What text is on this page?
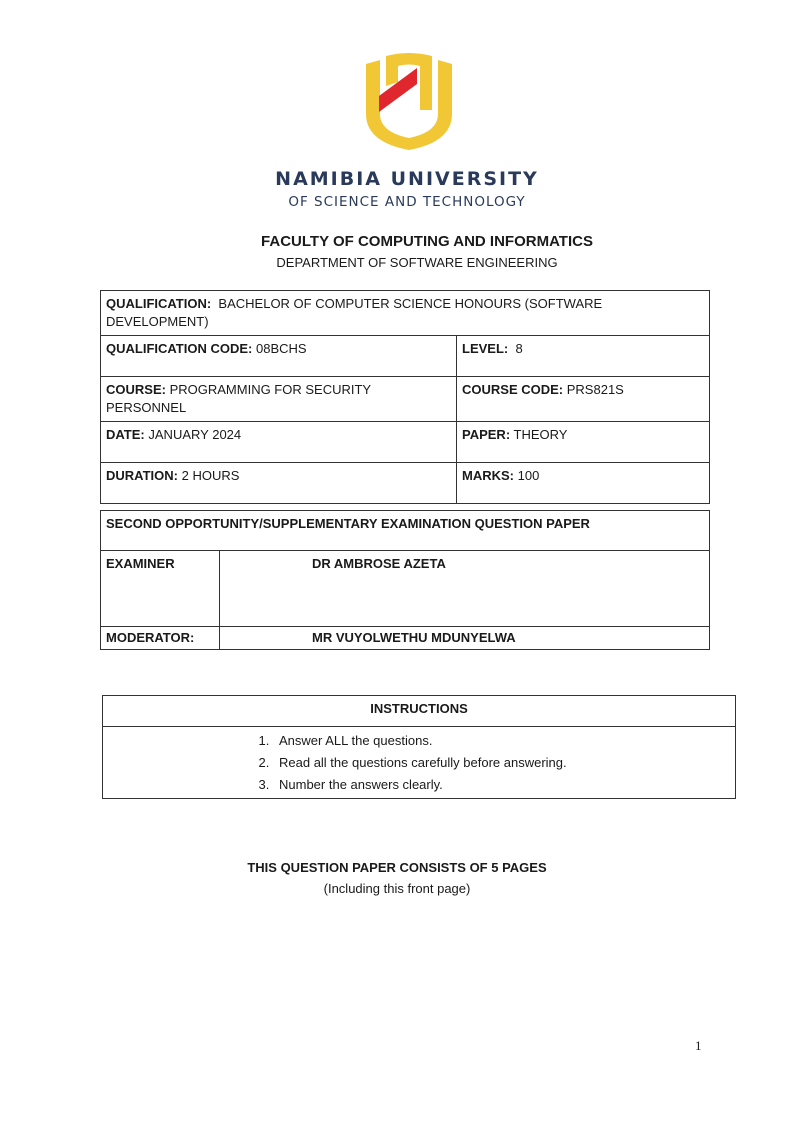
NAMIBIA UNIVERSITY
OF SCIENCE AND TECHNOLOGY
FACULTY OF COMPUTING AND INFORMATICS
DEPARTMENT OF SOFTWARE ENGINEERING
QUALIFICATION: BACHELOR OF COMPUTER SCIENCE HONOURS (SOFTWARE DEVELOPMENT)	
QUALIFICATION CODE: 08BCHS	LEVEL: 8
COURSE: PROGRAMMING FOR SECURITY PERSONNEL	COURSE CODE: PRS821S
DATE: JANUARY 2024	PAPER: THEORY
DURATION: 2 HOURS	MARKS: 100
SECOND OPPORTUNITY/SUPPLEMENTARY EXAMINATION QUESTION PAPER	
EXAMINER	DR AMBROSE AZETA
MODERATOR:	MR VUYOLWETHU MDUNYELWA
INSTRUCTIONS

1. Answer ALL the questions.
2. Read all the questions carefully before answering.
3. Number the answers clearly.
THIS QUESTION PAPER CONSISTS OF 5 PAGES
(Including this front page)
1
